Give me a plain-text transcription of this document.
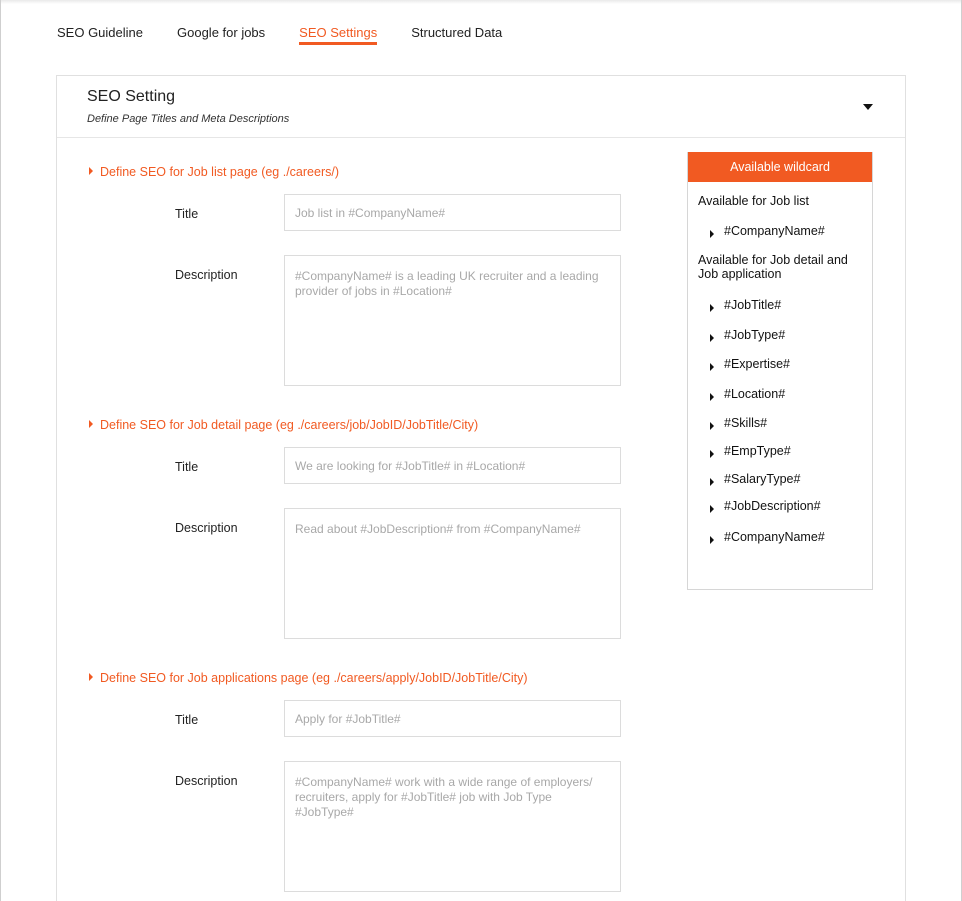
SEO Guideline	Google for jobs	SEO Settings	Structured Data
SEO Setting
Define Page Titles and Meta Descriptions
Define SEO for Job list page (eg ./careers/)
Title
Job list in #CompanyName#
Description
#CompanyName# is a leading UK recruiter and a leading provider of jobs in #Location#
Define SEO for Job detail page (eg ./careers/job/JobID/JobTitle/City)
Title
We are looking for #JobTitle# in #Location#
Description
Read about #JobDescription# from #CompanyName#
Define SEO for Job applications page (eg ./careers/apply/JobID/JobTitle/City)
Title
Apply for #JobTitle#
Description
#CompanyName# work with a wide range of employers/ recruiters, apply for #JobTitle# job with Job Type #JobType#
Available wildcard
Available for Job list
#CompanyName#
Available for Job detail and Job application
#JobTitle#
#JobType#
#Expertise#
#Location#
#Skills#
#EmpType#
#SalaryType#
#JobDescription#
#CompanyName#
